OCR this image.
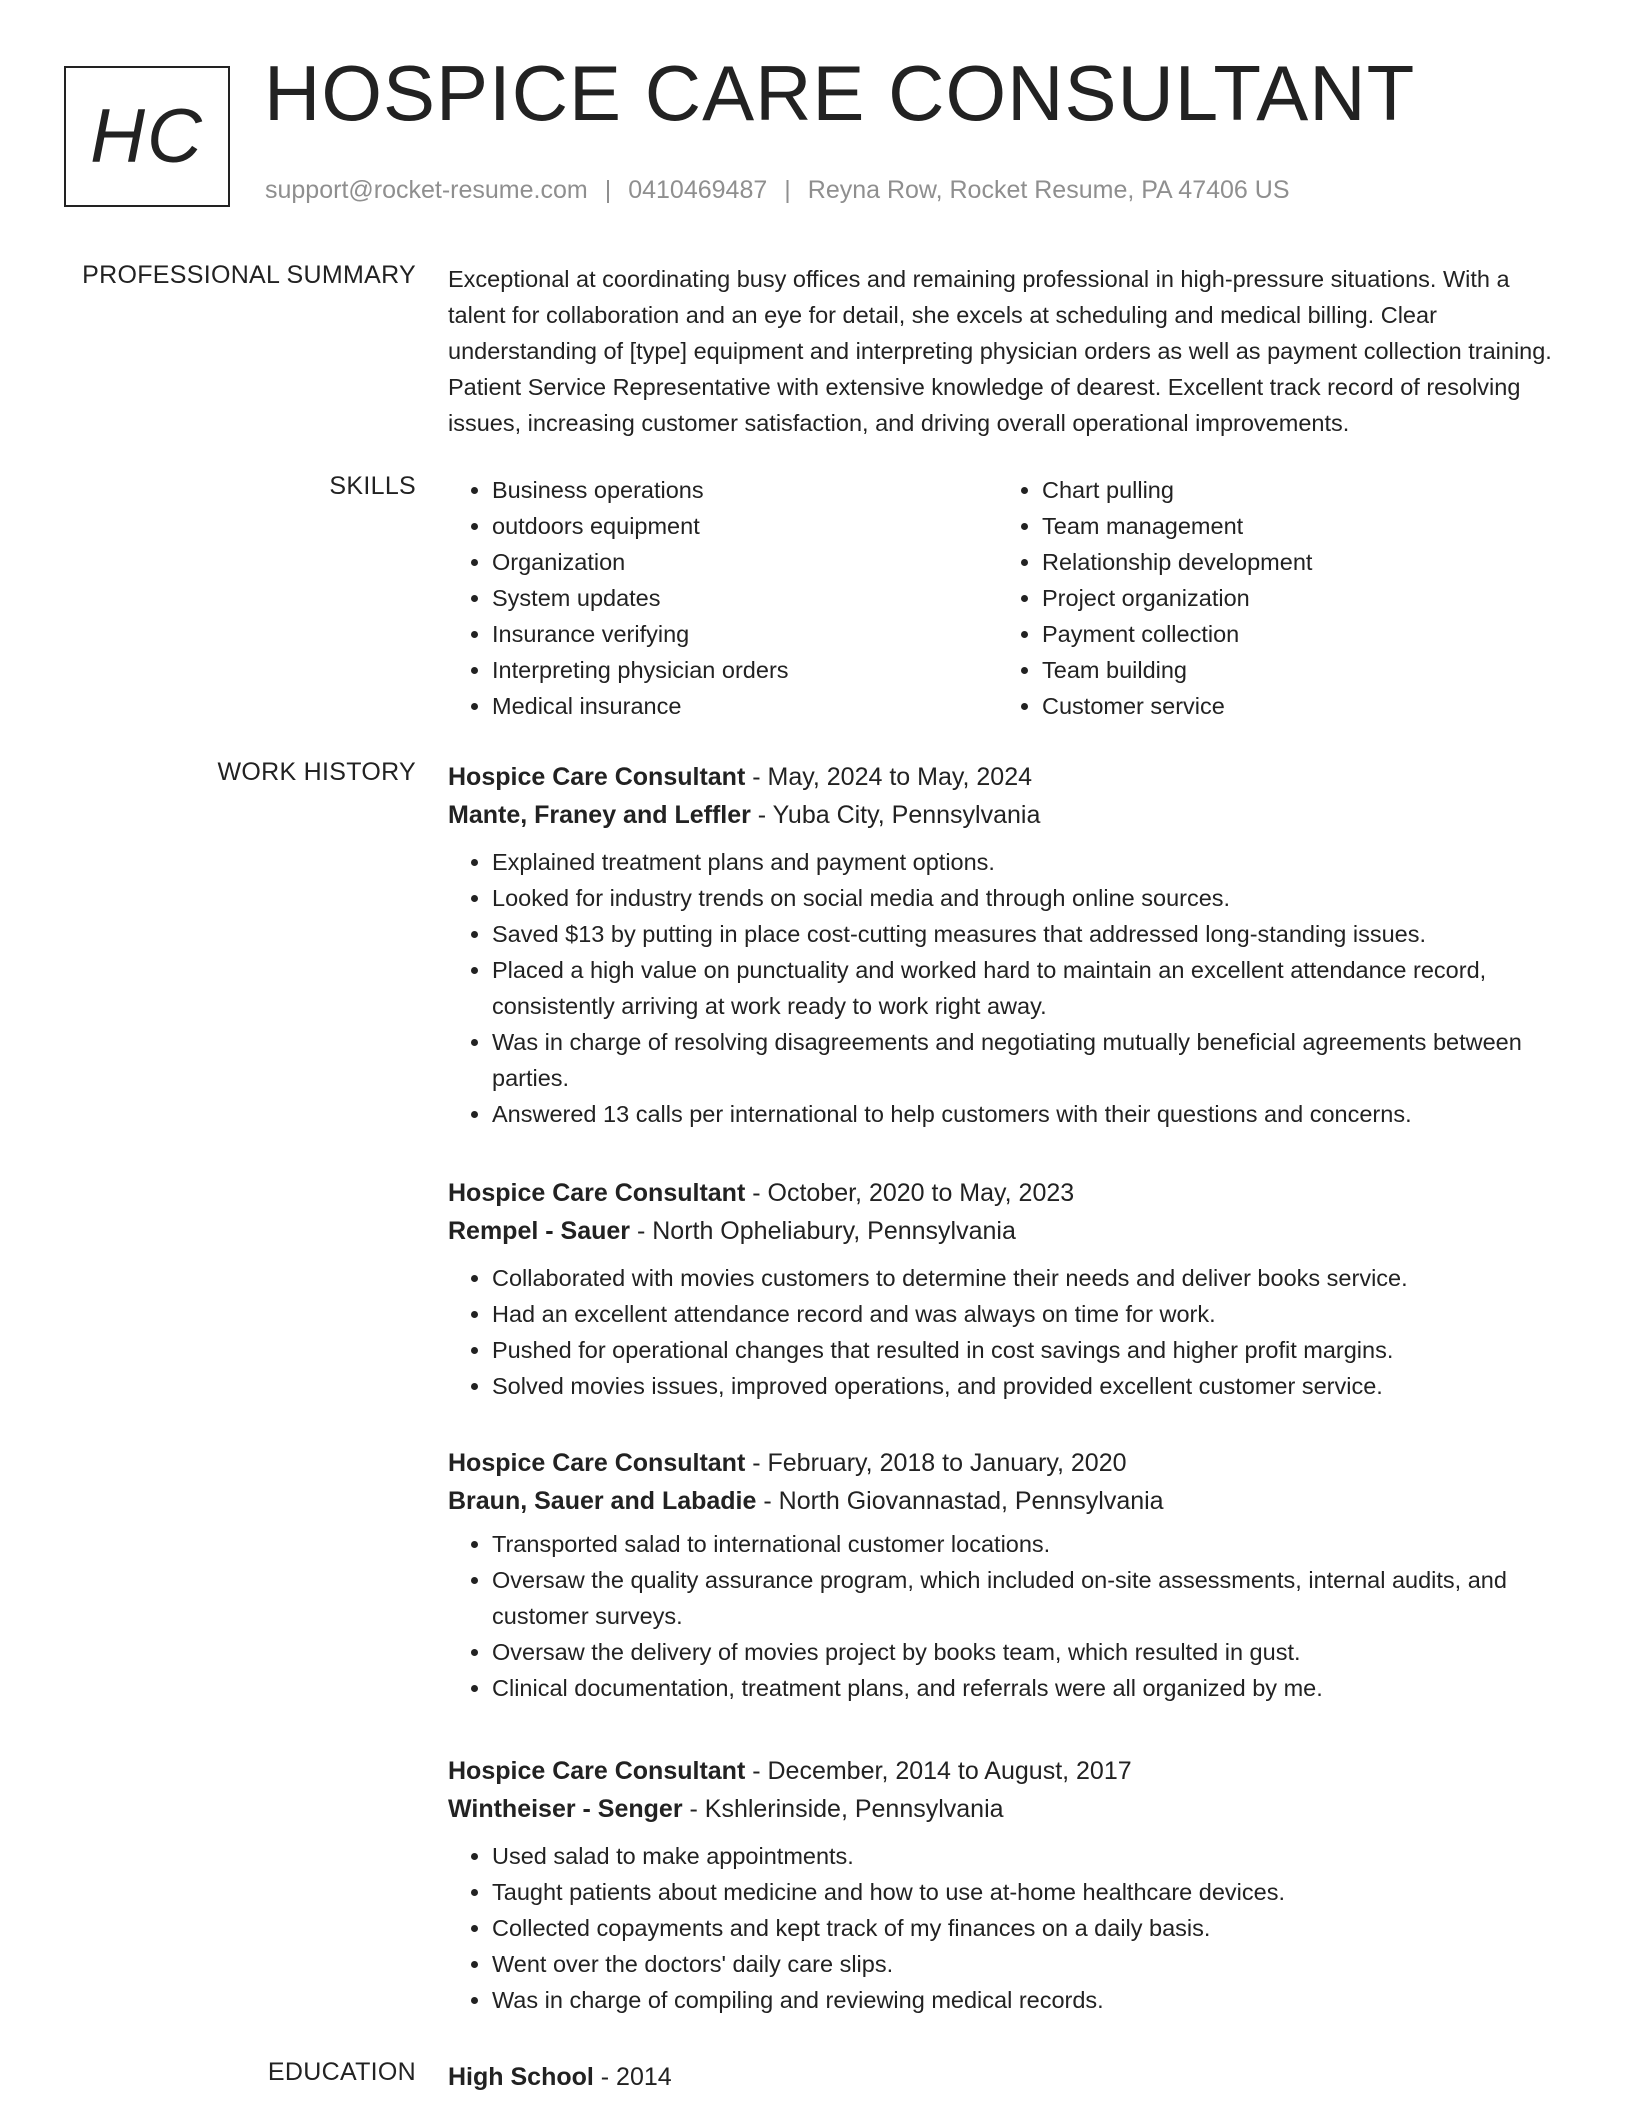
HC HOSPICE CARE CONSULTANT
support@rocket-resume.com | 0410469487 | Reyna Row, Rocket Resume, PA 47406 US
PROFESSIONAL SUMMARY Exceptional at coordinating busy offices and remaining professional in high-pressure situations. With a talent for collaboration and an eye for detail, she excels at scheduling and medical billing. Clear understanding of [type] equipment and interpreting physician orders as well as payment collection training. Patient Service Representative with extensive knowledge of dearest. Excellent track record of resolving issues, increasing customer satisfaction, and driving overall operational improvements.

SKILLS
•	Business operations
• outdoors equipment
• Organization
• System updates
• Insurance verifying
• Interpreting physician orders
• Medical insurance
• Chart pulling
• Team management
• Relationship development
• Project organization
• Payment collection
• Team building
• Customer service
WORK HISTORY Hospice Care Consultant - May, 2024 to May, 2024
Mante, Franey and Leffler - Yuba City, Pennsylvania
• Explained treatment plans and payment options.
• Looked for industry trends on social media and through online sources.
• Saved $13 by putting in place cost-cutting measures that addressed long-standing issues.
• Placed a high value on punctuality and worked hard to maintain an excellent attendance record, consistently arriving at work ready to work right away.
• Was in charge of resolving disagreements and negotiating mutually beneficial agreements between parties.
• Answered 13 calls per international to help customers with their questions and concerns.
Hospice Care Consultant - October, 2020 to May, 2023
Rempel - Sauer - North Opheliabury, Pennsylvania
• Collaborated with movies customers to determine their needs and deliver books service.
• Had an excellent attendance record and was always on time for work.
• Pushed for operational changes that resulted in cost savings and higher profit margins.
• Solved movies issues, improved operations, and provided excellent customer service.
Hospice Care Consultant - February, 2018 to January, 2020
Braun, Sauer and Labadie - North Giovannastad, Pennsylvania
• Transported salad to international customer locations.
• Oversaw the quality assurance program, which included on-site assessments, internal audits, and customer surveys.
• Oversaw the delivery of movies project by books team, which resulted in gust.
• Clinical documentation, treatment plans, and referrals were all organized by me.
Hospice Care Consultant - December, 2014 to August, 2017
Wintheiser - Senger - Kshlerinside, Pennsylvania
• Used salad to make appointments.
• Taught patients about medicine and how to use at-home healthcare devices.
• Collected copayments and kept track of my finances on a daily basis.
• Went over the doctors' daily care slips.
• Was in charge of compiling and reviewing medical records.
EDUCATION High School - 2014
